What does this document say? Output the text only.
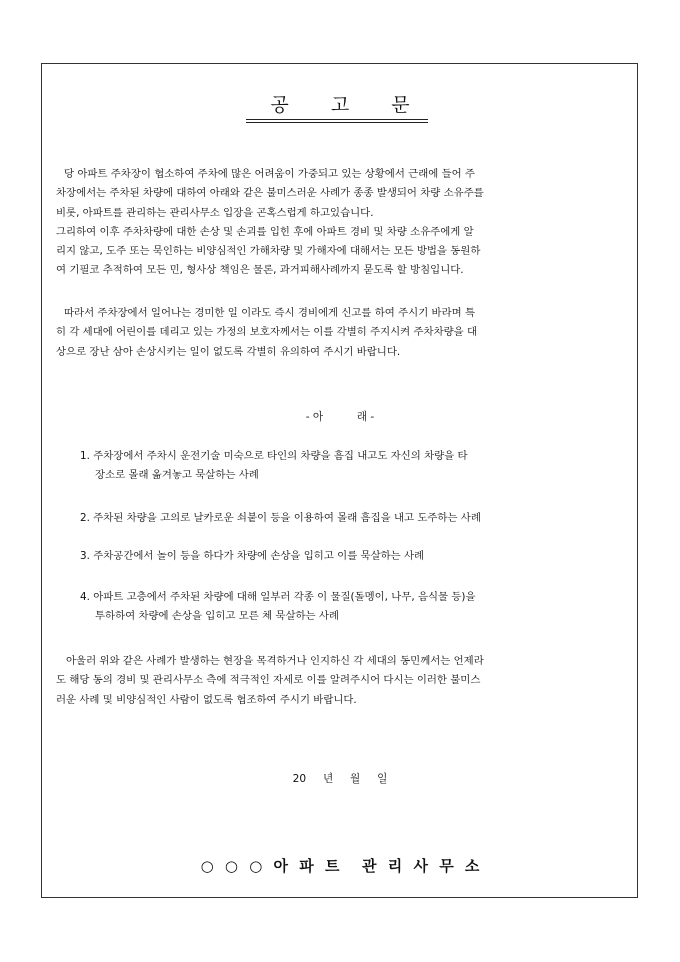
공 고 문
당 아파트 주차장이 협소하여 주차에 많은 어려움이 가중되고 있는 상황에서 근래에 들어 주
차장에서는 주차된 차량에 대하여 아래와 같은 불미스러운 사례가 종종 발생되어 차량 소유주를
비롯, 아파트를 관리하는 관리사무소 입장을 곤혹스럽게 하고있습니다.
그리하여 이후 주차차량에 대한 손상 및 손괴를 입힌 후에 아파트 경비 및 차량 소유주에게 알
리지 않고, 도주 또는 묵인하는 비양심적인 가해차량 및 가해자에 대해서는 모든 방법을 동원하
여 기필코 추적하여 모든 민, 형사상 책임은 물론, 과거피해사례까지 묻도록 할 방침입니다.
따라서 주차장에서 일어나는 경미한 일 이라도 즉시 경비에게 신고를 하여 주시기 바라며 특
히 각 세대에 어린이를 데리고 있는 가정의 보호자께서는 이를 각별히 주지시켜 주차차량을 대
상으로 장난 삼아 손상시키는 일이 없도록 각별히 유의하여 주시기 바랍니다.
- 아          래 -
1. 주차장에서 주차시 운전기술 미숙으로 타인의 차량을 흠집 내고도 자신의 차량을 타
장소로 몰래 옮겨놓고 묵살하는 사례
2. 주차된 차량을 고의로 날카로운 쇠붙이 등을 이용하여 몰래 흠집을 내고 도주하는 사례
3. 주차공간에서 놀이 등을 하다가 차량에 손상을 입히고 이를 묵살하는 사례
4. 아파트 고층에서 주차된 차량에 대해 일부러 각종 이 물질(돌멩이, 나무, 음식물 등)을
투하하여 차량에 손상을 입히고 모른 체 묵살하는 사례
아울러 위와 같은 사례가 발생하는 현장을 목격하거나 인지하신 각 세대의 동민께서는 언제라
도 해당 동의 경비 및 관리사무소 측에 적극적인 자세로 이를 알려주시어 다시는 이러한 불미스
러운 사례 및 비양심적인 사람이 없도록 협조하여 주시기 바랍니다.
20     년     월     일
○ ○ ○ 아 파 트 관 리 사 무 소
